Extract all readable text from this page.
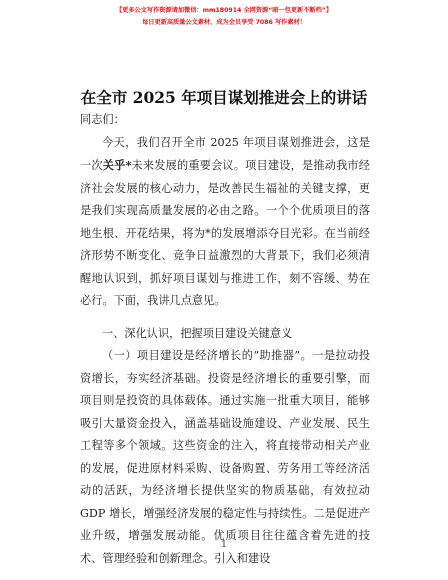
【更多公文写作资源请加微信：mm180914 全网资源“暗一包更新不断档”】
每日更新高质量公文素材，成为会员享受 7086 写作素材！
在全市 2025 年项目谋划推进会上的讲话

同志们：

今天，我们召开全市 2025 年项目谋划推进会，这是一次关乎*未来发展的重要会议。项目建设，是推动我市经济社会发展的核心动力，是改善民生福祉的关键支撑，更是我们实现高质量发展的必由之路。一个个优质项目的落地生根、开花结果，将为*的发展增添夺目光彩。在当前经济形势不断变化、竞争日益激烈的大背景下，我们必须清醒地认识到，抓好项目谋划与推进工作，刻不容缓、势在必行。下面，我讲几点意见。

一、深化认识，把握项目建设关键意义

（一）项目建设是经济增长的“助推器”。一是拉动投资增长，夯实经济基础。投资是经济增长的重要引擎，而项目则是投资的具体载体。通过实施一批重大项目，能够吸引大量资金投入，涵盖基础设施建设、产业发展、民生工程等多个领域。这些资金的注入，将直接带动相关产业的发展，促进原材料采购、设备购置、劳务用工等经济活动的活跃，为经济增长提供坚实的物质基础，有效拉动 GDP 增长，增强经济发展的稳定性与持续性。二是促进产业升级，增强发展动能。优质项目往往蕴含着先进的技术、管理经验和创新理念。引入和建设

1
